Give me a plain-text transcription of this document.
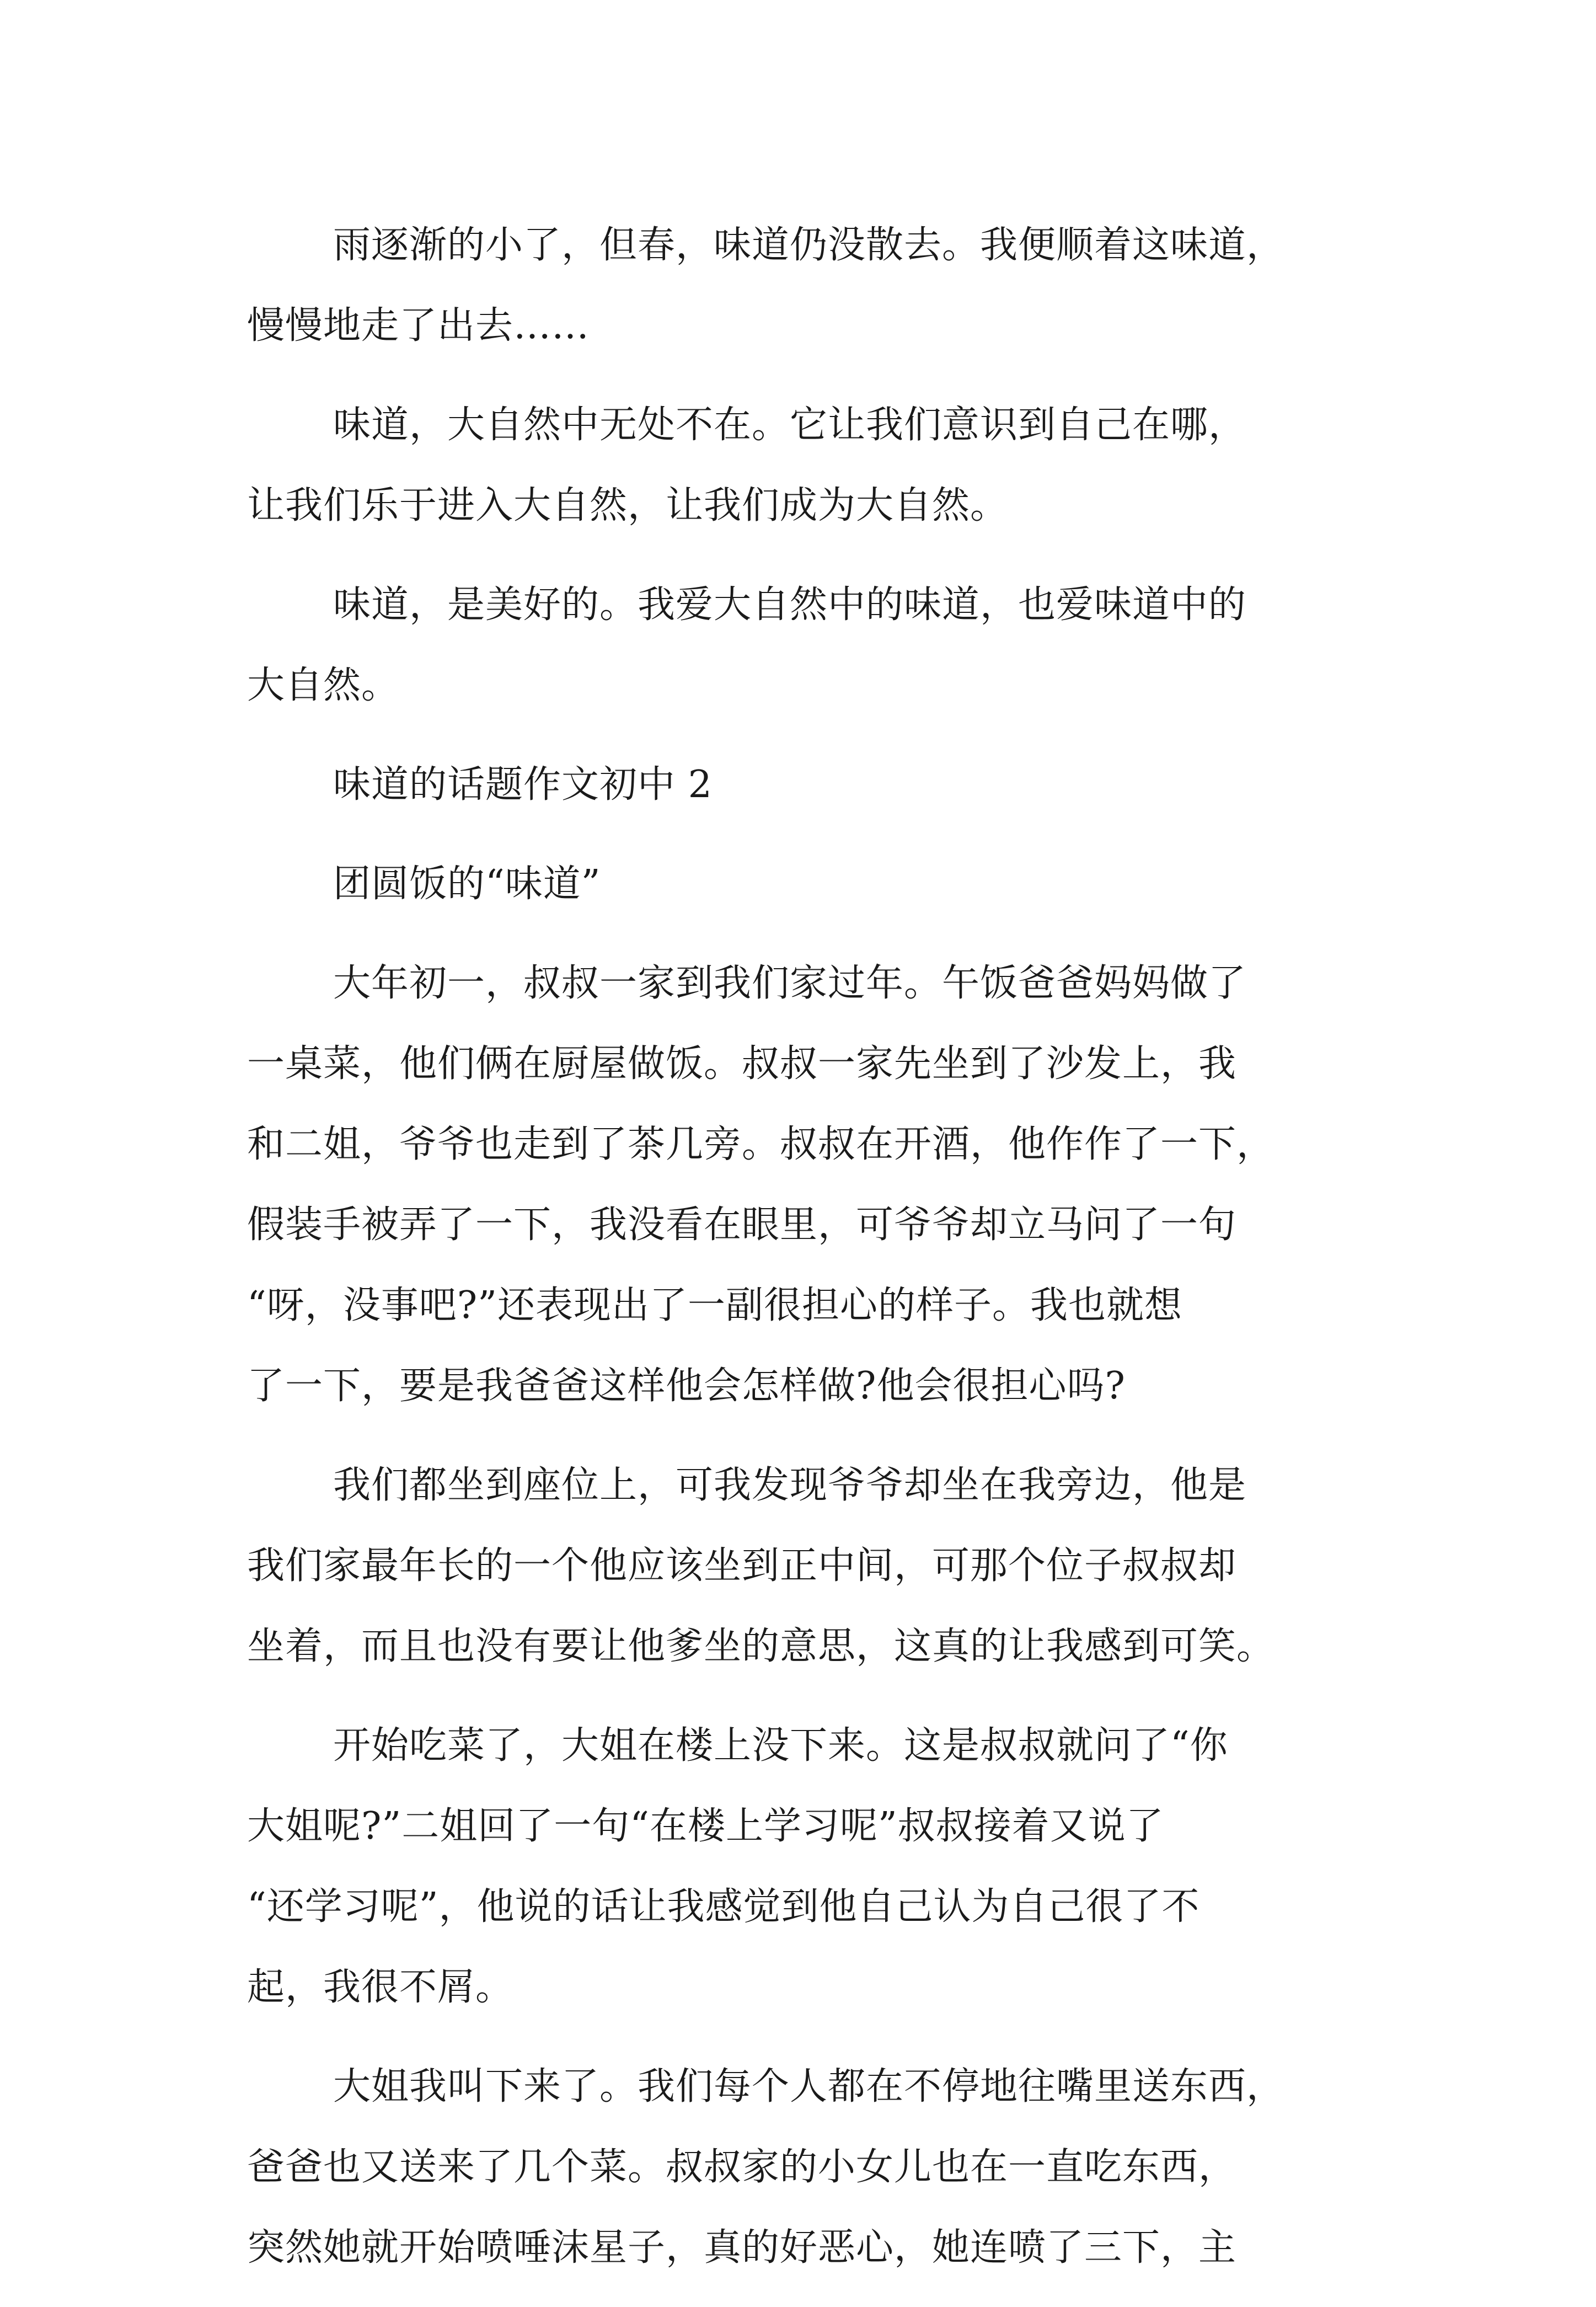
雨逐渐的小了，但春，味道仍没散去。我便顺着这味道，
慢慢地走了出去……

味道，大自然中无处不在。它让我们意识到自己在哪，
让我们乐于进入大自然，让我们成为大自然。

味道，是美好的。我爱大自然中的味道，也爱味道中的
大自然。

味道的话题作文初中 2

团圆饭的“味道”

大年初一，叔叔一家到我们家过年。午饭爸爸妈妈做了
一桌菜，他们俩在厨屋做饭。叔叔一家先坐到了沙发上，我
和二姐，爷爷也走到了茶几旁。叔叔在开酒，他作作了一下，
假装手被弄了一下，我没看在眼里，可爷爷却立马问了一句
“呀，没事吧?”还表现出了一副很担心的样子。我也就想
了一下，要是我爸爸这样他会怎样做?他会很担心吗?

我们都坐到座位上，可我发现爷爷却坐在我旁边，他是
我们家最年长的一个他应该坐到正中间，可那个位子叔叔却
坐着，而且也没有要让他爹坐的意思，这真的让我感到可笑。

开始吃菜了，大姐在楼上没下来。这是叔叔就问了“你
大姐呢?”二姐回了一句“在楼上学习呢”叔叔接着又说了
“还学习呢”，他说的话让我感觉到他自己认为自己很了不
起，我很不屑。

大姐我叫下来了。我们每个人都在不停地往嘴里送东西，
爸爸也又送来了几个菜。叔叔家的小女儿也在一直吃东西，
突然她就开始喷唾沫星子，真的好恶心，她连喷了三下，主
